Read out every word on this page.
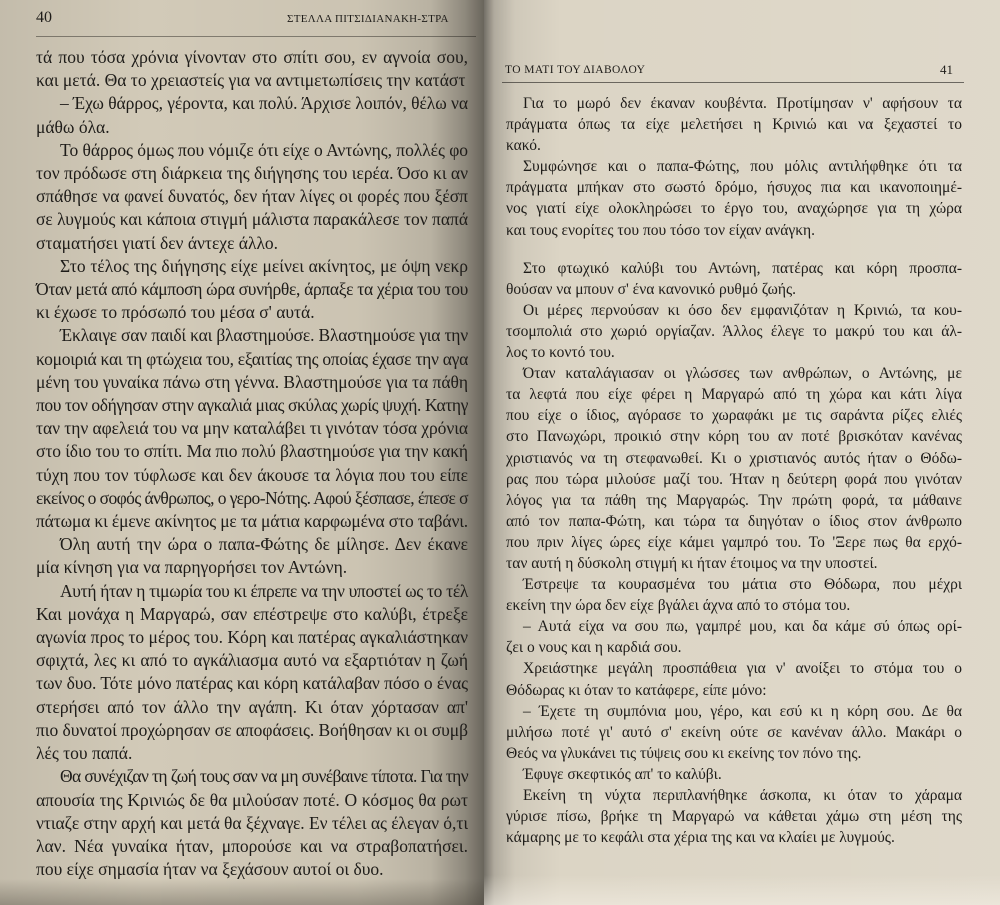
40	ΣΤΕΛΛΑ ΠΙΤΣΙΔΙΑΝΑΚΗ-ΣΤΡΑ
τά που τόσα χρόνια γίνονταν στο σπίτι σου, εν αγνοία σου,
και μετά. Θα το χρειαστείς για να αντιμετωπίσεις την κατάστ
– Έχω θάρρος, γέροντα, και πολύ. Άρχισε λοιπόν, θέλω να
μάθω όλα.
Το θάρρος όμως που νόμιζε ότι είχε ο Αντώνης, πολλές φο
τον πρόδωσε στη διάρκεια της διήγησης του ιερέα. Όσο κι αν
σπάθησε να φανεί δυνατός, δεν ήταν λίγες οι φορές που ξέσπ
σε λυγμούς και κάποια στιγμή μάλιστα παρακάλεσε τον παπά
σταματήσει γιατί δεν άντεχε άλλο.
Στο τέλος της διήγησης είχε μείνει ακίνητος, με όψη νεκρ
Όταν μετά από κάμποση ώρα συνήρθε, άρπαξε τα χέρια του του
κι έχωσε το πρόσωπό του μέσα σ' αυτά.
Έκλαιγε σαν παιδί και βλαστημούσε. Βλαστημούσε για την
κομοιριά και τη φτώχεια του, εξαιτίας της οποίας έχασε την αγα
μένη του γυναίκα πάνω στη γέννα. Βλαστημούσε για τα πάθη
που τον οδήγησαν στην αγκαλιά μιας σκύλας χωρίς ψυχή. Κατηγ
ταν την αφελειά του να μην καταλάβει τι γινόταν τόσα χρόνια
στο ίδιο του το σπίτι. Μα πιο πολύ βλαστημούσε για την κακή
τύχη που τον τύφλωσε και δεν άκουσε τα λόγια που του είπε
εκείνος ο σοφός άνθρωπος, ο γερο-Νότης. Αφού ξέσπασε, έπεσε σ
πάτωμα κι έμενε ακίνητος με τα μάτια καρφωμένα στο ταβάνι.
Όλη αυτή την ώρα ο παπα-Φώτης δε μίλησε. Δεν έκανε
μία κίνηση για να παρηγορήσει τον Αντώνη.
Αυτή ήταν η τιμωρία του κι έπρεπε να την υποστεί ως το τέλ
Και μονάχα η Μαργαρώ, σαν επέστρεψε στο καλύβι, έτρεξε
αγωνία προς το μέρος του. Κόρη και πατέρας αγκαλιάστηκαν
σφιχτά, λες κι από το αγκάλιασμα αυτό να εξαρτιόταν η ζωή
των δυο. Τότε μόνο πατέρας και κόρη κατάλαβαν πόσο ο ένας
στερήσει από τον άλλο την αγάπη. Κι όταν χόρτασαν απ'
πιο δυνατοί προχώρησαν σε αποφάσεις. Βοήθησαν κι οι συμβ
λές του παπά.
Θα συνέχιζαν τη ζωή τους σαν να μη συνέβαινε τίποτα. Για την
απουσία της Κρινιώς δε θα μιλούσαν ποτέ. Ο κόσμος θα ρωτ
ντιαζε στην αρχή και μετά θα ξέχναγε. Εν τέλει ας έλεγαν ό,τι
λαν. Νέα γυναίκα ήταν, μπορούσε και να στραβοπατήσει.
που είχε σημασία ήταν να ξεχάσουν αυτοί οι δυο.
ΤΟ ΜΑΤΙ ΤΟΥ ΔΙΑΒΟΛΟΥ	41
Για το μωρό δεν έκαναν κουβέντα. Προτίμησαν ν' αφήσουν τα
πράγματα όπως τα είχε μελετήσει η Κρινιώ και να ξεχαστεί το
κακό.
Συμφώνησε και ο παπα-Φώτης, που μόλις αντιλήφθηκε ότι τα
πράγματα μπήκαν στο σωστό δρόμο, ήσυχος πια και ικανοποιημέ-
νος γιατί είχε ολοκληρώσει το έργο του, αναχώρησε για τη χώρα
και τους ενορίτες του που τόσο τον είχαν ανάγκη.
Στο φτωχικό καλύβι του Αντώνη, πατέρας και κόρη προσπα-
θούσαν να μπουν σ' ένα κανονικό ρυθμό ζωής.
Οι μέρες περνούσαν κι όσο δεν εμφανιζόταν η Κρινιώ, τα κου-
τσομπολιά στο χωριό οργίαζαν. Άλλος έλεγε το μακρύ του και άλ-
λος το κοντό του.
Όταν καταλάγιασαν οι γλώσσες των ανθρώπων, ο Αντώνης, με
τα λεφτά που είχε φέρει η Μαργαρώ από τη χώρα και κάτι λίγα
που είχε ο ίδιος, αγόρασε το χωραφάκι με τις σαράντα ρίζες ελιές
στο Πανωχώρι, προικιό στην κόρη του αν ποτέ βρισκόταν κανένας
χριστιανός να τη στεφανωθεί. Κι ο χριστιανός αυτός ήταν ο Θόδω-
ρας που τώρα μιλούσε μαζί του. Ήταν η δεύτερη φορά που γινόταν
λόγος για τα πάθη της Μαργαρώς. Την πρώτη φορά, τα μάθαινε
από τον παπα-Φώτη, και τώρα τα διηγόταν ο ίδιος στον άνθρωπο
που πριν λίγες ώρες είχε κάμει γαμπρό του. Το 'Ξερε πως θα ερχό-
ταν αυτή η δύσκολη στιγμή κι ήταν έτοιμος να την υποστεί.
Έστρεψε τα κουρασμένα του μάτια στο Θόδωρα, που μέχρι
εκείνη την ώρα δεν είχε βγάλει άχνα από το στόμα του.
– Αυτά είχα να σου πω, γαμπρέ μου, και δα κάμε σύ όπως ορί-
ζει ο νους και η καρδιά σου.
Χρειάστηκε μεγάλη προσπάθεια για ν' ανοίξει το στόμα του ο
Θόδωρας κι όταν το κατάφερε, είπε μόνο:
– Έχετε τη συμπόνια μου, γέρο, και εσύ κι η κόρη σου. Δε θα
μιλήσω ποτέ γι' αυτό σ' εκείνη ούτε σε κανέναν άλλο. Μακάρι ο
Θεός να γλυκάνει τις τύψεις σου κι εκείνης τον πόνο της.
Έφυγε σκεφτικός απ' το καλύβι.
Εκείνη τη νύχτα περιπλανήθηκε άσκοπα, κι όταν το χάραμα
γύρισε πίσω, βρήκε τη Μαργαρώ να κάθεται χάμω στη μέση της
κάμαρης με το κεφάλι στα χέρια της και να κλαίει με λυγμούς.
